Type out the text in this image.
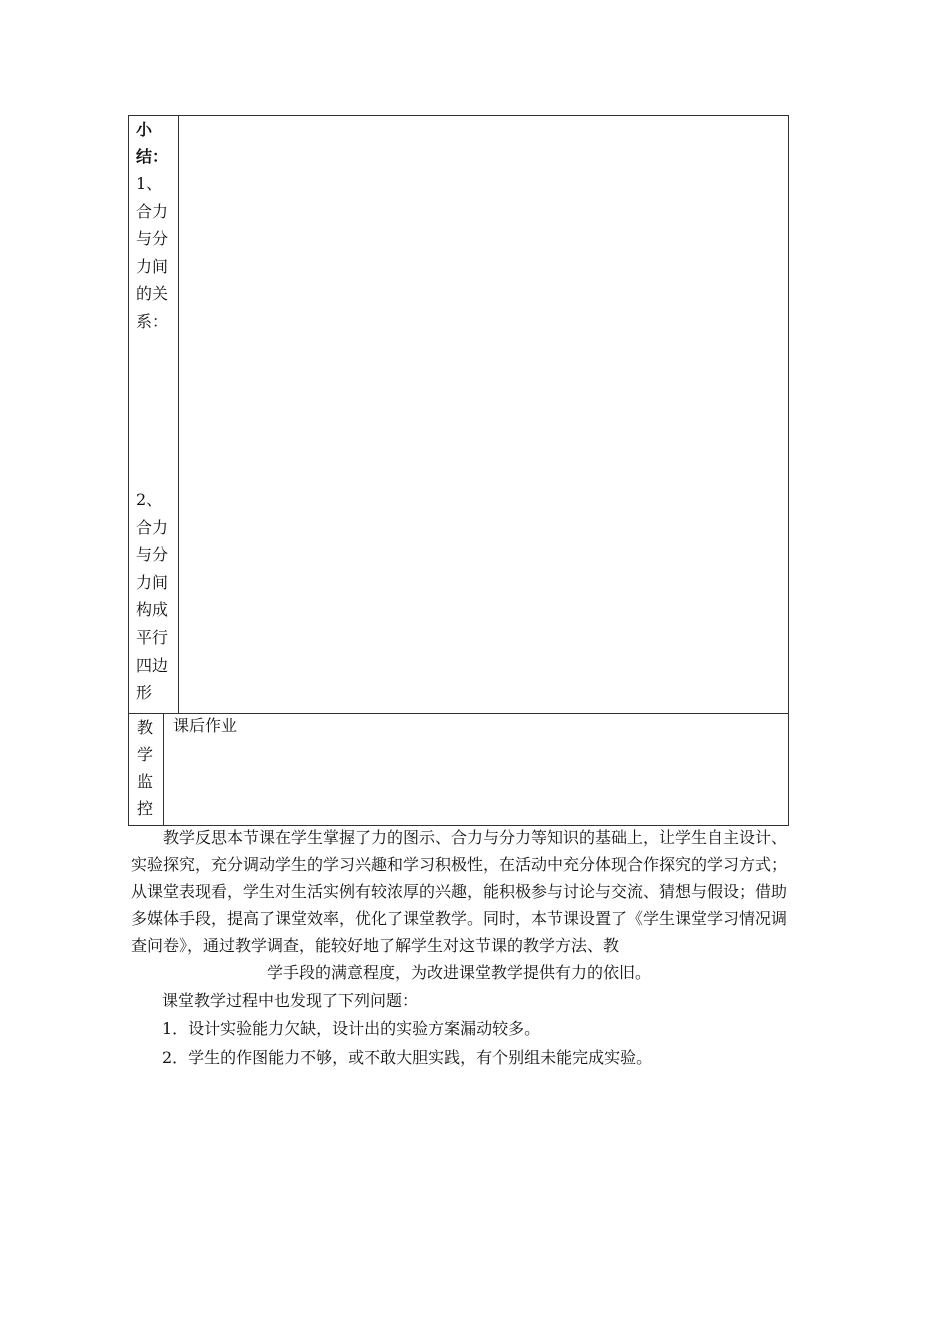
小结：
1、
合力与分力间的关系：
2、
合力与分力间构成平行四边形
教学监控
课后作业

教学反思本节课在学生掌握了力的图示、合力与分力等知识的基础上，让学生自主设计、实验探究，充分调动学生的学习兴趣和学习积极性，在活动中充分体现合作探究的学习方式；从课堂表现看，学生对生活实例有较浓厚的兴趣，能积极参与讨论与交流、猜想与假设；借助多媒体手段，提高了课堂效率，优化了课堂教学。同时，本节课设置了《学生课堂学习情况调查问卷》，通过教学调查，能较好地了解学生对这节课的教学方法、教
学手段的满意程度，为改进课堂教学提供有力的依旧。

课堂教学过程中也发现了下列问题：

1．设计实验能力欠缺，设计出的实验方案漏动较多。

2．学生的作图能力不够，或不敢大胆实践，有个别组未能完成实验。
